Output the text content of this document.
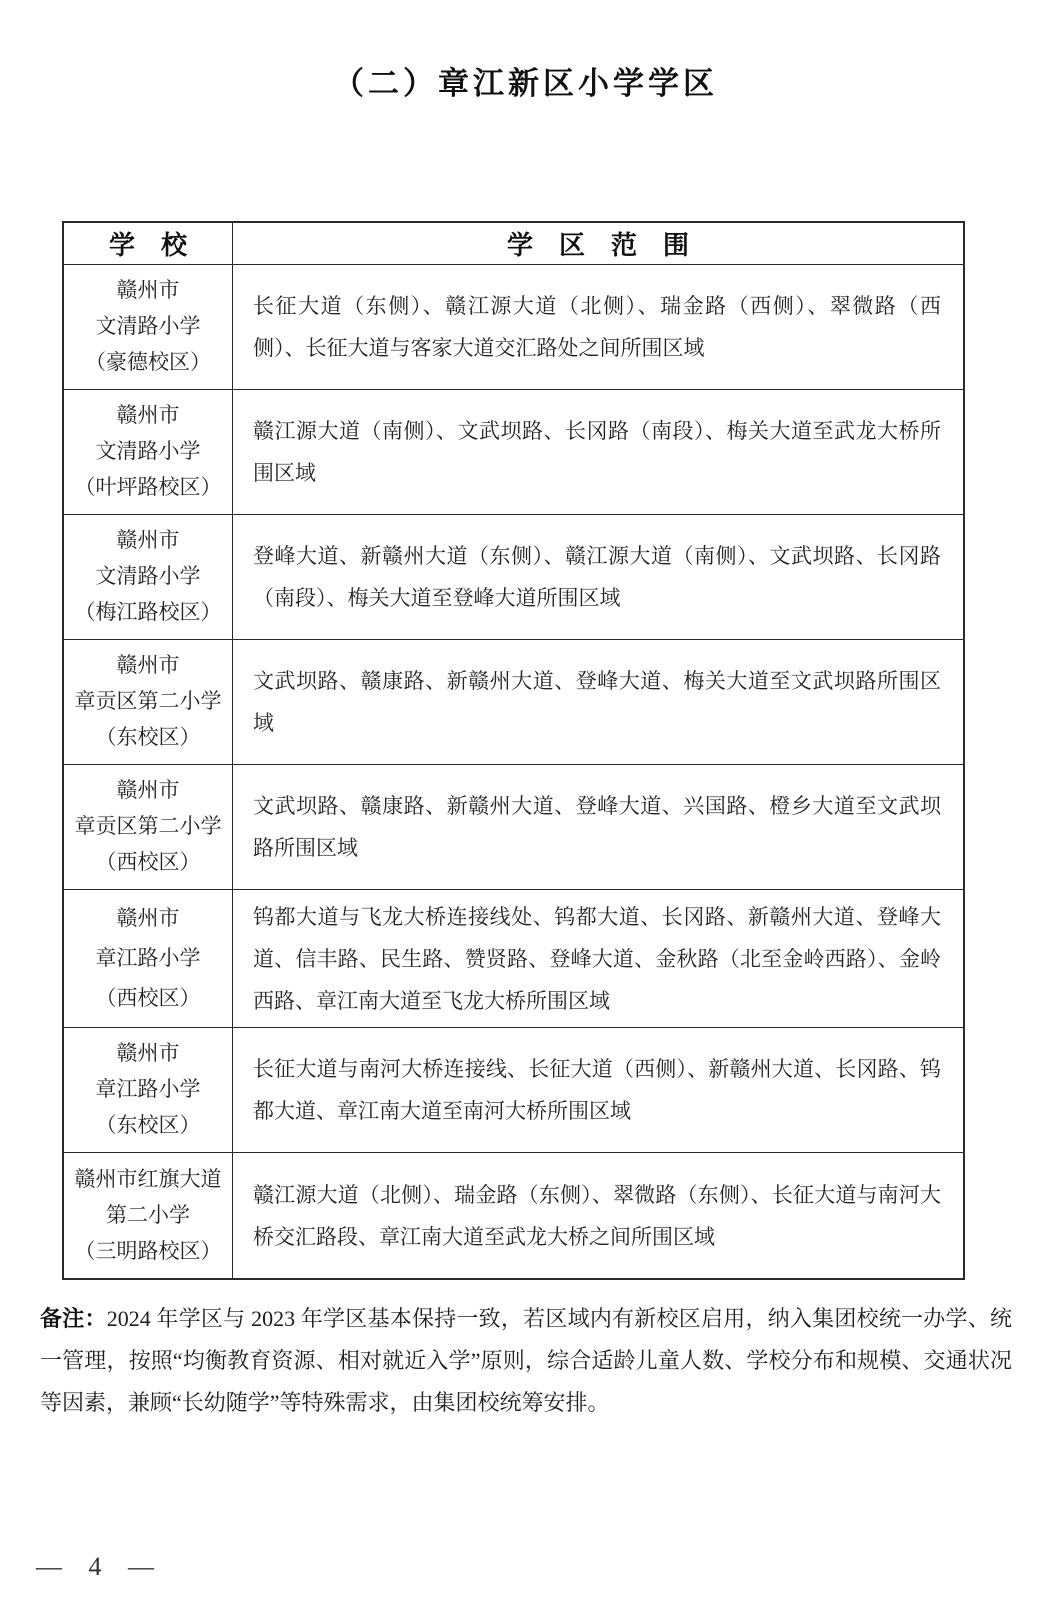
（二）章江新区小学学区
学　校	学　区　范　围
赣州市
文清路小学
（豪德校区）
长征大道（东侧）、赣江源大道（北侧）、瑞金路（西侧）、翠微路（西侧）、长征大道与客家大道交汇路处之间所围区域
赣州市
文清路小学
（叶坪路校区）
赣江源大道（南侧）、文武坝路、长冈路（南段）、梅关大道至武龙大桥所围区域
赣州市
文清路小学
（梅江路校区）
登峰大道、新赣州大道（东侧）、赣江源大道（南侧）、文武坝路、长冈路（南段）、梅关大道至登峰大道所围区域
赣州市
章贡区第二小学
（东校区）
文武坝路、赣康路、新赣州大道、登峰大道、梅关大道至文武坝路所围区域
赣州市
章贡区第二小学
（西校区）
文武坝路、赣康路、新赣州大道、登峰大道、兴国路、橙乡大道至文武坝路所围区域
赣州市
章江路小学
（西校区）
钨都大道与飞龙大桥连接线处、钨都大道、长冈路、新赣州大道、登峰大道、信丰路、民生路、赞贤路、登峰大道、金秋路（北至金岭西路）、金岭西路、章江南大道至飞龙大桥所围区域
赣州市
章江路小学
（东校区）
长征大道与南河大桥连接线、长征大道（西侧）、新赣州大道、长冈路、钨都大道、章江南大道至南河大桥所围区域
赣州市红旗大道
第二小学
（三明路校区）
赣江源大道（北侧）、瑞金路（东侧）、翠微路（东侧）、长征大道与南河大桥交汇路段、章江南大道至武龙大桥之间所围区域
备注：2024 年学区与 2023 年学区基本保持一致，若区域内有新校区启用，纳入集团校统一办学、统一管理，按照“均衡教育资源、相对就近入学”原则，综合适龄儿童人数、学校分布和规模、交通状况等因素，兼顾“长幼随学”等特殊需求，由集团校统筹安排。
— 4 —
